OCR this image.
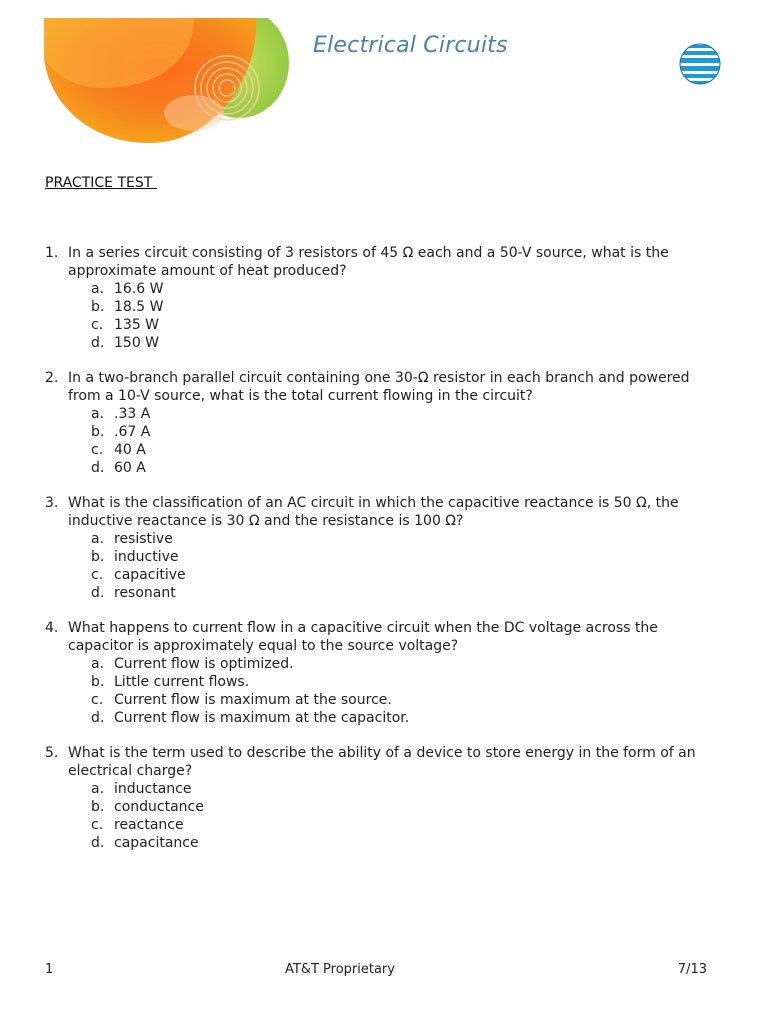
Electrical Circuits
PRACTICE TEST
1. In a series circuit consisting of 3 resistors of 45 Ω each and a 50-V source, what is the approximate amount of heat produced?
a. 16.6 W
b. 18.5 W
c. 135 W
d. 150 W
2. In a two-branch parallel circuit containing one 30-Ω resistor in each branch and powered from a 10-V source, what is the total current flowing in the circuit?
a. .33 A
b. .67 A
c. 40 A
d. 60 A
3. What is the classification of an AC circuit in which the capacitive reactance is 50 Ω, the inductive reactance is 30 Ω and the resistance is 100 Ω?
a. resistive
b. inductive
c. capacitive
d. resonant
4. What happens to current flow in a capacitive circuit when the DC voltage across the capacitor is approximately equal to the source voltage?
a. Current flow is optimized.
b. Little current flows.
c. Current flow is maximum at the source.
d. Current flow is maximum at the capacitor.
5. What is the term used to describe the ability of a device to store energy in the form of an electrical charge?
a. inductance
b. conductance
c. reactance
d. capacitance
1	AT&T Proprietary	7/13
